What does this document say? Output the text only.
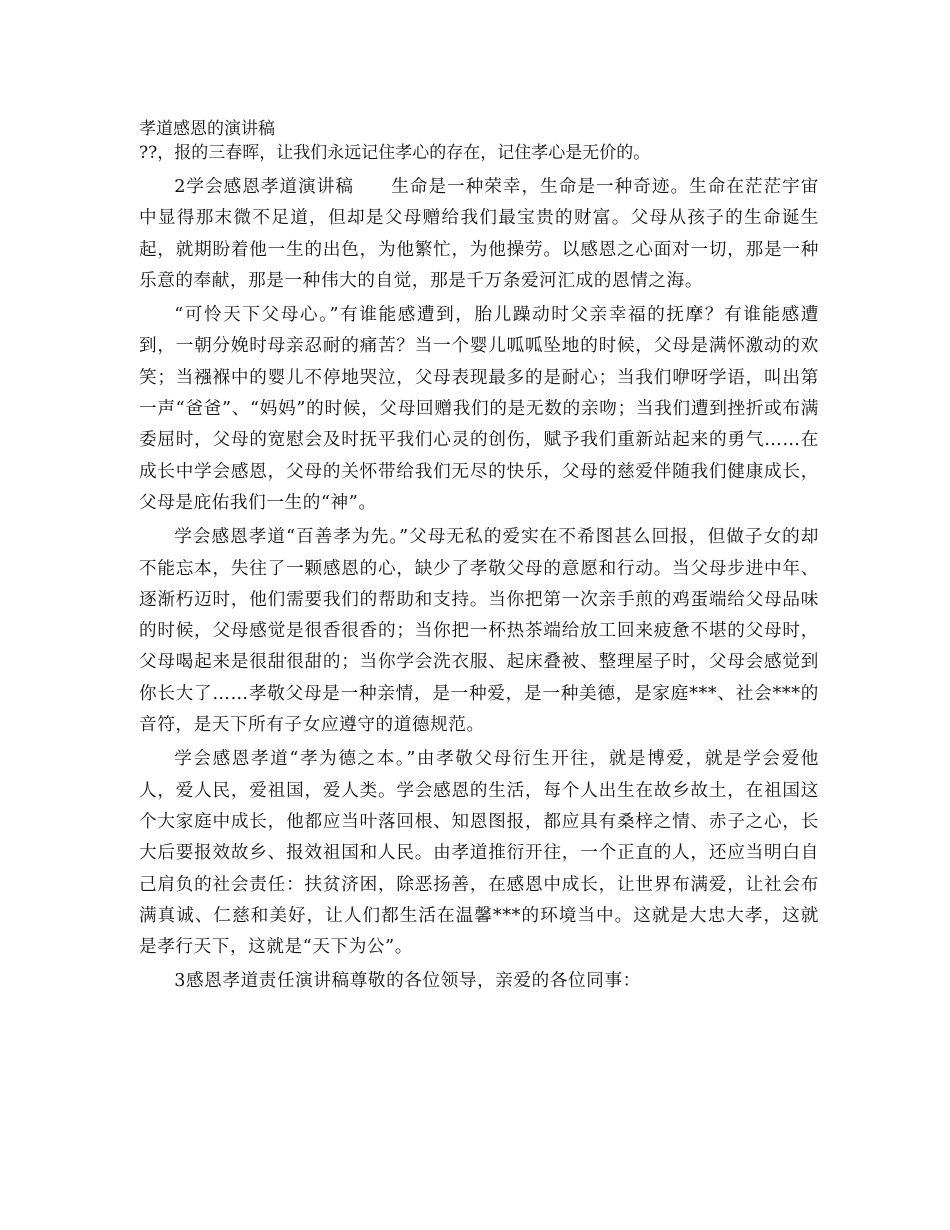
孝道感恩的演讲稿

??，报的三春晖，让我们永远记住孝心的存在，记住孝心是无价的。

2学会感恩孝道演讲稿　　生命是一种荣幸，生命是一种奇迹。生命在茫茫宇宙中显得那末微不足道，但却是父母赠给我们最宝贵的财富。父母从孩子的生命诞生起，就期盼着他一生的出色，为他繁忙，为他操劳。以感恩之心面对一切，那是一种乐意的奉献，那是一种伟大的自觉，那是千万条爱河汇成的恩情之海。

“可怜天下父母心。”有谁能感遭到，胎儿躁动时父亲幸福的抚摩？有谁能感遭到，一朝分娩时母亲忍耐的痛苦？当一个婴儿呱呱坠地的时候，父母是满怀激动的欢笑；当襁褓中的婴儿不停地哭泣，父母表现最多的是耐心；当我们咿呀学语，叫出第一声“爸爸”、“妈妈”的时候，父母回赠我们的是无数的亲吻；当我们遭到挫折或布满委屈时，父母的宽慰会及时抚平我们心灵的创伤，赋予我们重新站起来的勇气……在成长中学会感恩，父母的关怀带给我们无尽的快乐，父母的慈爱伴随我们健康成长，父母是庇佑我们一生的“神”。

学会感恩孝道“百善孝为先。”父母无私的爱实在不希图甚么回报，但做子女的却不能忘本，失往了一颗感恩的心，缺少了孝敬父母的意愿和行动。当父母步进中年、逐渐朽迈时，他们需要我们的帮助和支持。当你把第一次亲手煎的鸡蛋端给父母品味的时候，父母感觉是很香很香的；当你把一杯热茶端给放工回来疲惫不堪的父母时，父母喝起来是很甜很甜的；当你学会洗衣服、起床叠被、整理屋子时，父母会感觉到你长大了……孝敬父母是一种亲情，是一种爱，是一种美德，是家庭***、社会***的音符，是天下所有子女应遵守的道德规范。

学会感恩孝道“孝为德之本。”由孝敬父母衍生开往，就是博爱，就是学会爱他人，爱人民，爱祖国，爱人类。学会感恩的生活，每个人出生在故乡故土，在祖国这个大家庭中成长，他都应当叶落回根、知恩图报，都应具有桑梓之情、赤子之心，长大后要报效故乡、报效祖国和人民。由孝道推衍开往，一个正直的人，还应当明白自己肩负的社会责任：扶贫济困，除恶扬善，在感恩中成长，让世界布满爱，让社会布满真诚、仁慈和美好，让人们都生活在温馨***的环境当中。这就是大忠大孝，这就是孝行天下，这就是“天下为公”。

3感恩孝道责任演讲稿尊敬的各位领导，亲爱的各位同事：
